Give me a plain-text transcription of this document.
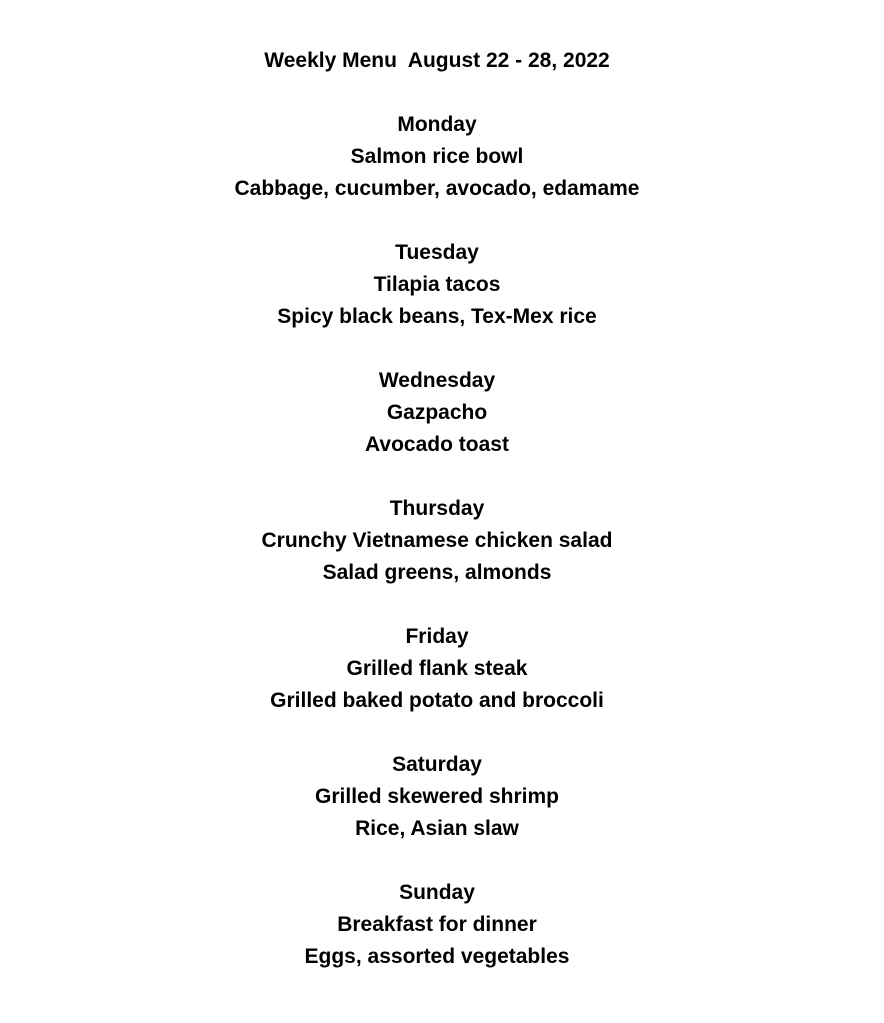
Weekly Menu  August 22 - 28, 2022
Monday
Salmon rice bowl
Cabbage, cucumber, avocado, edamame
Tuesday
Tilapia tacos
Spicy black beans, Tex-Mex rice
Wednesday
Gazpacho
Avocado toast
Thursday
Crunchy Vietnamese chicken salad
Salad greens, almonds
Friday
Grilled flank steak
Grilled baked potato and broccoli
Saturday
Grilled skewered shrimp
Rice, Asian slaw
Sunday
Breakfast for dinner
Eggs, assorted vegetables
